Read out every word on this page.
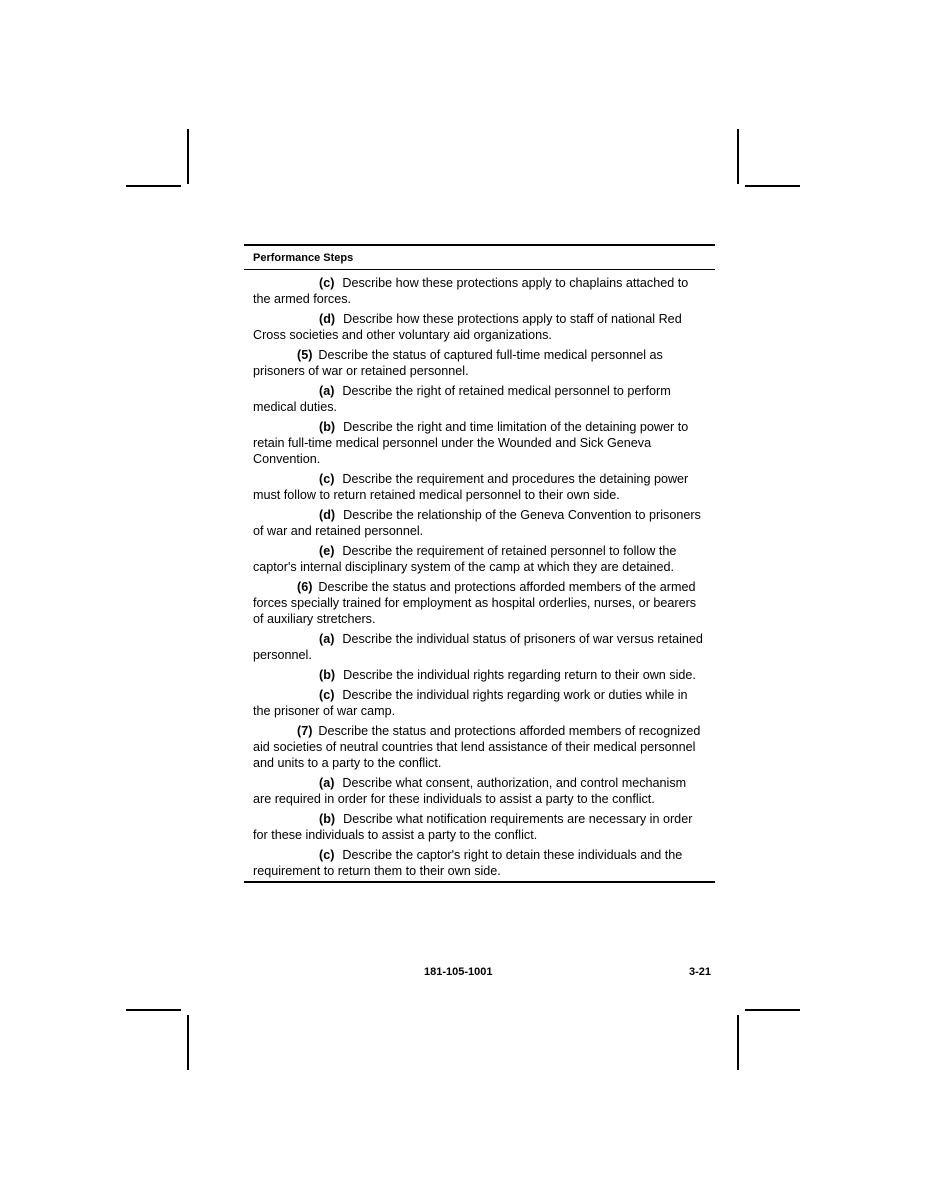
Performance Steps

(c) Describe how these protections apply to chaplains attached to the armed forces.

(d) Describe how these protections apply to staff of national Red Cross societies and other voluntary aid organizations.

(5) Describe the status of captured full-time medical personnel as prisoners of war or retained personnel.

(a) Describe the right of retained medical personnel to perform medical duties.

(b) Describe the right and time limitation of the detaining power to retain full-time medical personnel under the Wounded and Sick Geneva Convention.

(c) Describe the requirement and procedures the detaining power must follow to return retained medical personnel to their own side.

(d) Describe the relationship of the Geneva Convention to prisoners of war and retained personnel.

(e) Describe the requirement of retained personnel to follow the captor's internal disciplinary system of the camp at which they are detained.

(6) Describe the status and protections afforded members of the armed forces specially trained for employment as hospital orderlies, nurses, or bearers of auxiliary stretchers.

(a) Describe the individual status of prisoners of war versus retained personnel.

(b) Describe the individual rights regarding return to their own side.

(c) Describe the individual rights regarding work or duties while in the prisoner of war camp.

(7) Describe the status and protections afforded members of recognized aid societies of neutral countries that lend assistance of their medical personnel and units to a party to the conflict.

(a) Describe what consent, authorization, and control mechanism are required in order for these individuals to assist a party to the conflict.

(b) Describe what notification requirements are necessary in order for these individuals to assist a party to the conflict.

(c) Describe the captor's right to detain these individuals and the requirement to return them to their own side.

181-105-1001	3-21
